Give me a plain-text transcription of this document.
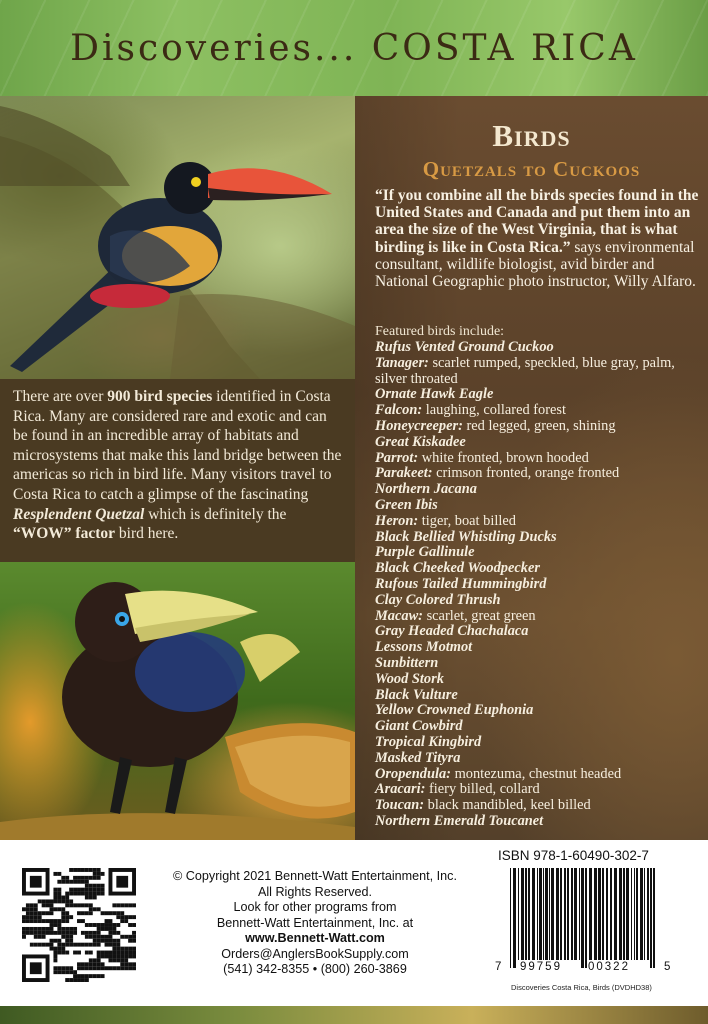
Discoveries... COSTA RICA
There are over 900 bird species identified in Costa Rica. Many are considered rare and exotic and can be found in an incredible array of habitats and microsystems that make this land bridge between the americas so rich in bird life. Many visitors travel to Costa Rica to catch a glimpse of the fascinating Resplendent Quetzal which is definitely the “WOW” factor bird here.
Birds
Quetzals to Cuckoos
“If you combine all the birds species found in the United States and Canada and put them into an area the size of the West Virginia, that is what birding is like in Costa Rica.” says environmental consultant, wildlife biologist, avid birder and National Geographic photo instructor, Willy Alfaro.
Featured birds include:
Rufus Vented Ground Cuckoo
Tanager: scarlet rumped, speckled, blue gray, palm, silver throated
Ornate Hawk Eagle
Falcon: laughing, collared forest
Honeycreeper: red legged, green, shining
Great Kiskadee
Parrot: white fronted, brown hooded
Parakeet: crimson fronted, orange fronted
Northern Jacana
Green Ibis
Heron: tiger, boat billed
Black Bellied Whistling Ducks
Purple Gallinule
Black Cheeked Woodpecker
Rufous Tailed Hummingbird
Clay Colored Thrush
Macaw: scarlet, great green
Gray Headed Chachalaca
Lessons Motmot
Sunbittern
Wood Stork
Black Vulture
Yellow Crowned Euphonia
Giant Cowbird
Tropical Kingbird
Masked Tityra
Oropendula: montezuma, chestnut headed
Aracari: fiery billed, collard
Toucan: black mandibled, keel billed
Northern Emerald Toucanet
© Copyright 2021 Bennett-Watt Entertainment, Inc.
All Rights Reserved.
Look for other programs from
Bennett-Watt Entertainment, Inc. at
www.Bennett-Watt.com
Orders@AnglersBookSupply.com
(541) 342-8355 • (800) 260-3869
ISBN 978-1-60490-302-7
7 99759 00322	5
Discoveries Costa Rica, Birds (DVDHD38)
